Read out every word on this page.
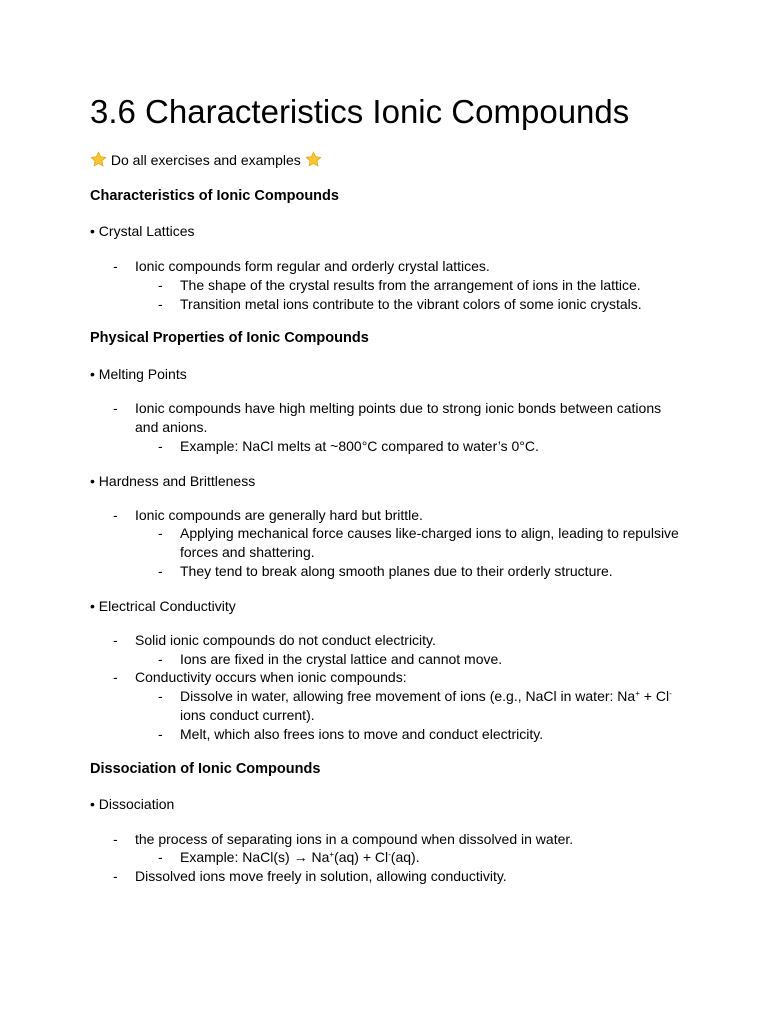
3.6 Characteristics Ionic Compounds
Do all exercises and examples
Characteristics of Ionic Compounds
• Crystal Lattices
- Ionic compounds form regular and orderly crystal lattices.
- The shape of the crystal results from the arrangement of ions in the lattice.
- Transition metal ions contribute to the vibrant colors of some ionic crystals.
Physical Properties of Ionic Compounds
• Melting Points
- Ionic compounds have high melting points due to strong ionic bonds between cations and anions.
- Example: NaCl melts at ~800°C compared to water’s 0°C.
• Hardness and Brittleness
- Ionic compounds are generally hard but brittle.
- Applying mechanical force causes like-charged ions to align, leading to repulsive forces and shattering.
- They tend to break along smooth planes due to their orderly structure.
• Electrical Conductivity
- Solid ionic compounds do not conduct electricity.
- Ions are fixed in the crystal lattice and cannot move.
- Conductivity occurs when ionic compounds:
- Dissolve in water, allowing free movement of ions (e.g., NaCl in water: Na+ + Cl- ions conduct current).
- Melt, which also frees ions to move and conduct electricity.
Dissociation of Ionic Compounds
• Dissociation
- the process of separating ions in a compound when dissolved in water.
- Example: NaCl(s) → Na+(aq) + Cl-(aq).
- Dissolved ions move freely in solution, allowing conductivity.
